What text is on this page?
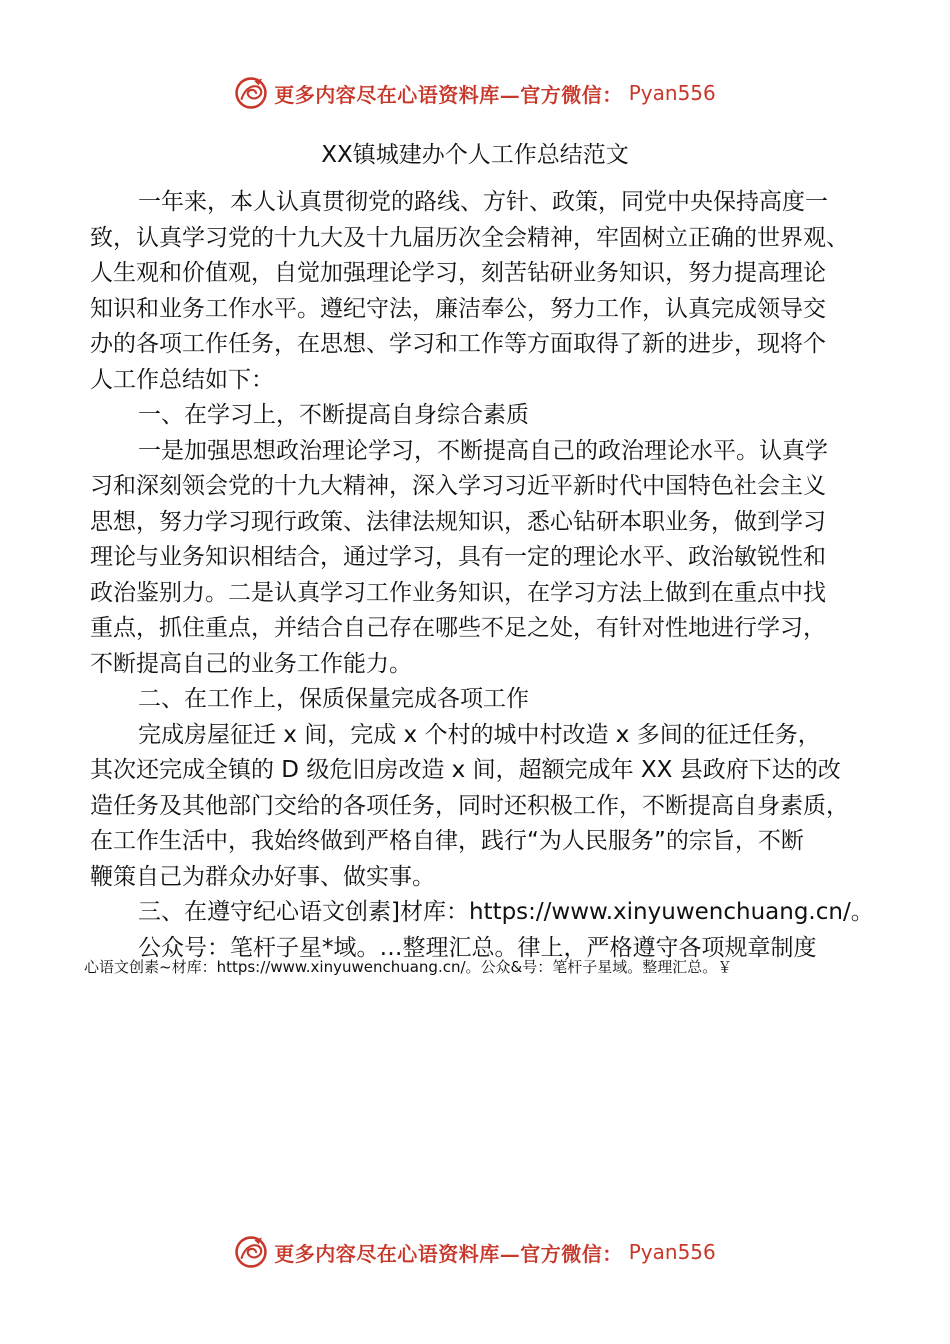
更多内容尽在心语资料库—官方微信： Pyan556
XX镇城建办个人工作总结范文
一年来，本人认真贯彻党的路线、方针、政策，同党中央保持高度一
致，认真学习党的十九大及十九届历次全会精神，牢固树立正确的世界观、
人生观和价值观，自觉加强理论学习，刻苦钻研业务知识，努力提高理论
知识和业务工作水平。遵纪守法，廉洁奉公，努力工作，认真完成领导交
办的各项工作任务，在思想、学习和工作等方面取得了新的进步，现将个
人工作总结如下：
一、在学习上，不断提高自身综合素质
一是加强思想政治理论学习，不断提高自己的政治理论水平。认真学
习和深刻领会党的十九大精神，深入学习习近平新时代中国特色社会主义
思想，努力学习现行政策、法律法规知识，悉心钻研本职业务，做到学习
理论与业务知识相结合，通过学习，具有一定的理论水平、政治敏锐性和
政治鉴别力。二是认真学习工作业务知识，在学习方法上做到在重点中找
重点，抓住重点，并结合自己存在哪些不足之处，有针对性地进行学习，
不断提高自己的业务工作能力。
二、在工作上，保质保量完成各项工作
完成房屋征迁 x 间，完成 x 个村的城中村改造 x 多间的征迁任务，
其次还完成全镇的 D 级危旧房改造 x 间，超额完成年 XX 县政府下达的改
造任务及其他部门交给的各项任务，同时还积极工作，不断提高自身素质，
在工作生活中，我始终做到严格自律，践行“为人民服务”的宗旨，不断
鞭策自己为群众办好事、做实事。
三、在遵守纪心语文创素]材库：https://www.xinyuwenchuang.cn/。
公众号：笔杆子星*域。…整理汇总。律上，严格遵守各项规章制度
心语文创素~材库：https://www.xinyuwenchuang.cn/。公众&号：笔杆子星域。整理汇总。￥
更多内容尽在心语资料库—官方微信： Pyan556
